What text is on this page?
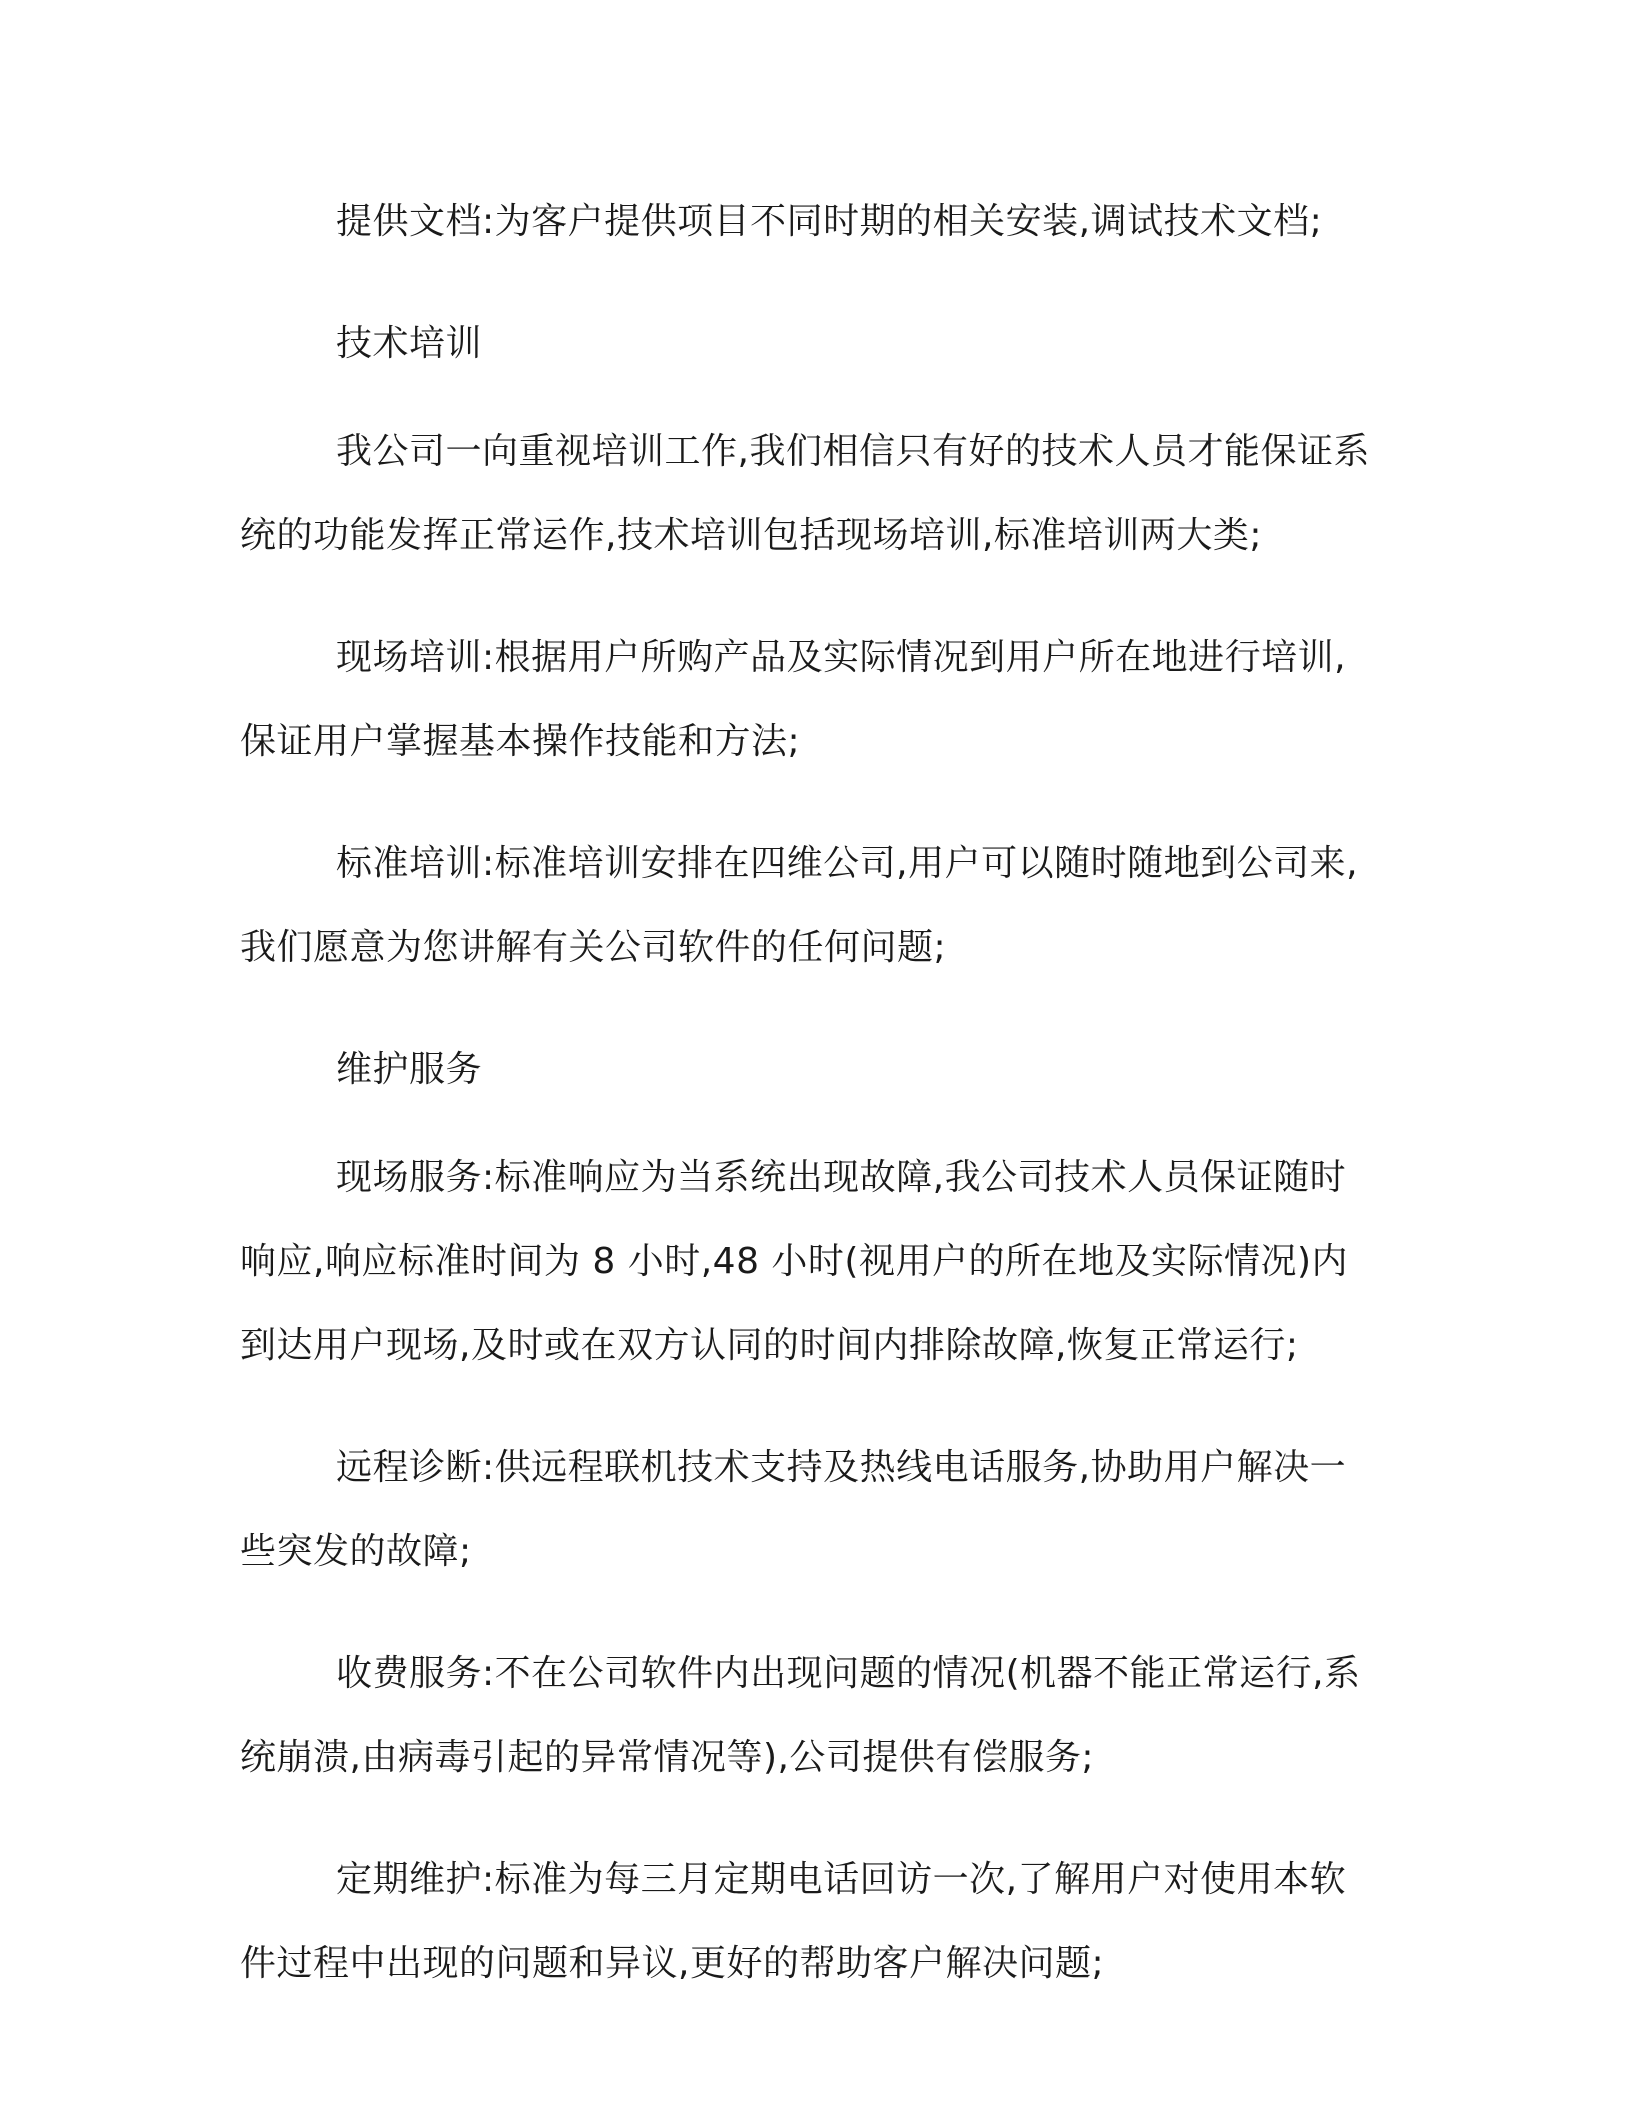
提供文档:为客户提供项目不同时期的相关安装,调试技术文档;

技术培训

我公司一向重视培训工作,我们相信只有好的技术人员才能保证系统的功能发挥正常运作,技术培训包括现场培训,标准培训两大类;

现场培训:根据用户所购产品及实际情况到用户所在地进行培训,保证用户掌握基本操作技能和方法;

标准培训:标准培训安排在四维公司,用户可以随时随地到公司来,我们愿意为您讲解有关公司软件的任何问题;

维护服务

现场服务:标准响应为当系统出现故障,我公司技术人员保证随时响应,响应标准时间为 8 小时,48 小时(视用户的所在地及实际情况)内到达用户现场,及时或在双方认同的时间内排除故障,恢复正常运行;

远程诊断:供远程联机技术支持及热线电话服务,协助用户解决一些突发的故障;

收费服务:不在公司软件内出现问题的情况(机器不能正常运行,系统崩溃,由病毒引起的异常情况等),公司提供有偿服务;

定期维护:标准为每三月定期电话回访一次,了解用户对使用本软件过程中出现的问题和异议,更好的帮助客户解决问题;
